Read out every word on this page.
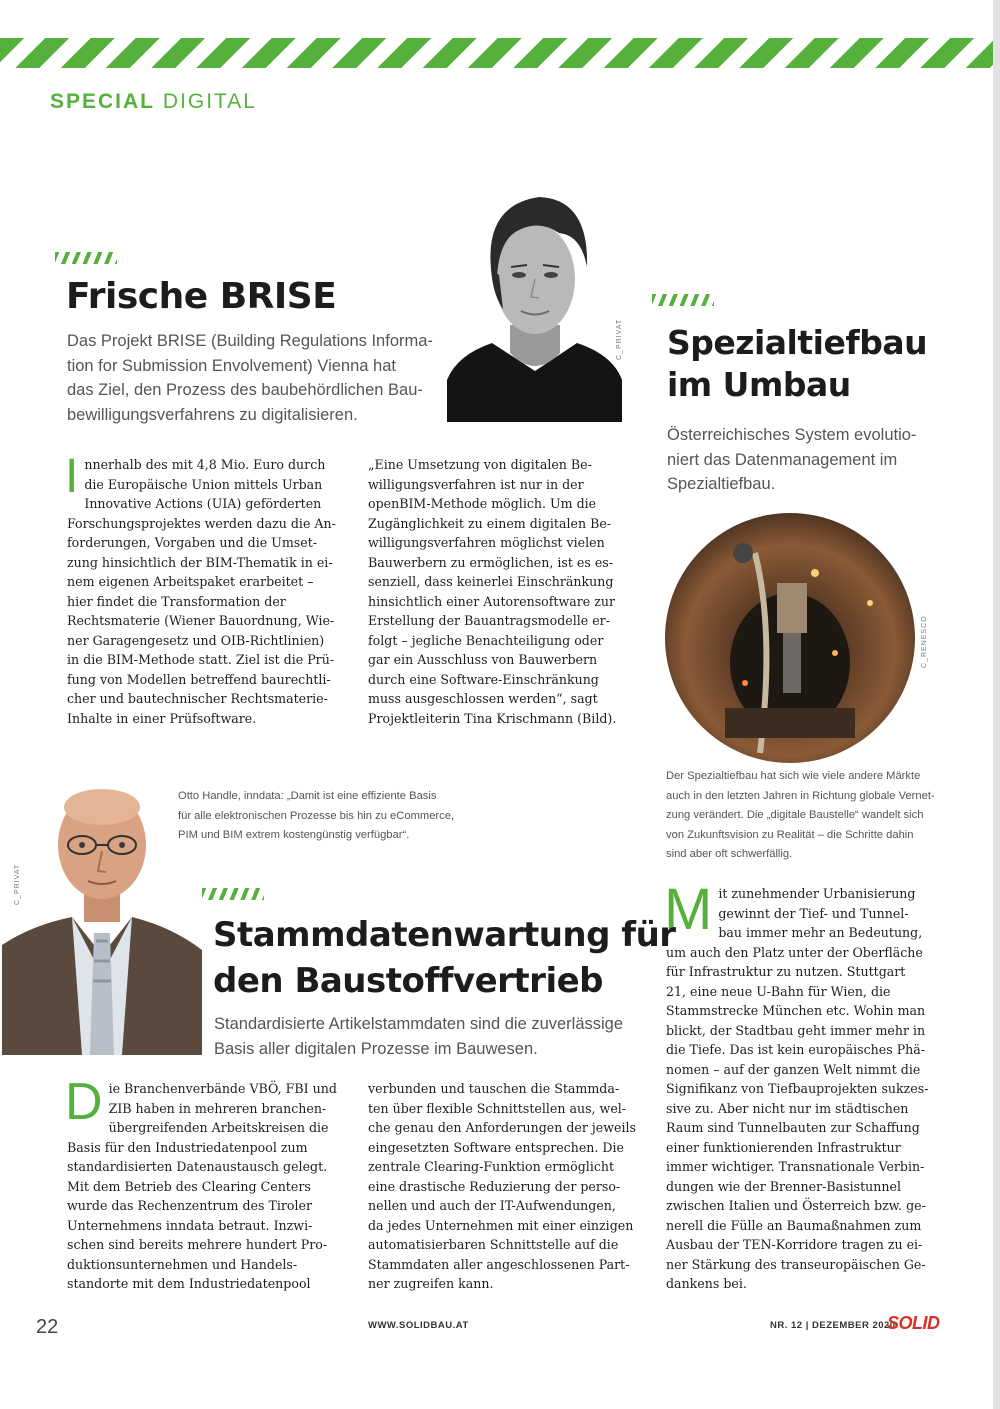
SPECIAL DIGITAL
Frische BRISE
Das Projekt BRISE (Building Regulations Informa-
tion for Submission Envolvement) Vienna hat
das Ziel, den Prozess des baubehördlichen Bau-
bewilligungsverfahrens zu digitalisieren.
C_PRIVAT
I nnerhalb des mit 4,8 Mio. Euro durch
die Europäische Union mittels Urban
Innovative Actions (UIA) geförderten
Forschungsprojektes werden dazu die An-
forderungen, Vorgaben und die Umset-
zung hinsichtlich der BIM-Thematik in ei-
nem eigenen Arbeitspaket erarbeitet –
hier findet die Transformation der
Rechtsmaterie (Wiener Bauordnung, Wie-
ner Garagengesetz und OIB-Richtlinien)
in die BIM-Methode statt. Ziel ist die Prü-
fung von Modellen betreffend baurechtli-
cher und bautechnischer Rechtsmaterie-
Inhalte in einer Prüfsoftware.
„Eine Umsetzung von digitalen Be-
willigungsverfahren ist nur in der
openBIM-Methode möglich. Um die
Zugänglichkeit zu einem digitalen Be-
willigungsverfahren möglichst vielen
Bauwerbern zu ermöglichen, ist es es-
senziell, dass keinerlei Einschränkung
hinsichtlich einer Autorensoftware zur
Erstellung der Bauantragsmodelle er-
folgt – jegliche Benachteiligung oder
gar ein Ausschluss von Bauwerbern
durch eine Software-Einschränkung
muss ausgeschlossen werden“, sagt
Projektleiterin Tina Krischmann (Bild).
Spezialtiefbau
im Umbau
Österreichisches System evolutio-
niert das Datenmanagement im
Spezialtiefbau.
C_RENESCO
Der Spezialtiefbau hat sich wie viele andere Märkte
auch in den letzten Jahren in Richtung globale Vernet-
zung verändert. Die „digitale Baustelle“ wandelt sich
von Zukunftsvision zu Realität – die Schritte dahin
sind aber oft schwerfällig.
M it zunehmender Urbanisierung
gewinnt der Tief- und Tunnel-
bau immer mehr an Bedeutung,
um auch den Platz unter der Oberfläche
für Infrastruktur zu nutzen. Stuttgart
21, eine neue U-Bahn für Wien, die
Stammstrecke München etc. Wohin man
blickt, der Stadtbau geht immer mehr in
die Tiefe. Das ist kein europäisches Phä-
nomen – auf der ganzen Welt nimmt die
Signifikanz von Tiefbauprojekten sukzes-
sive zu. Aber nicht nur im städtischen
Raum sind Tunnelbauten zur Schaffung
einer funktionierenden Infrastruktur
immer wichtiger. Transnationale Verbin-
dungen wie der Brenner-Basistunnel
zwischen Italien und Österreich bzw. ge-
nerell die Fülle an Baumaßnahmen zum
Ausbau der TEN-Korridore tragen zu ei-
ner Stärkung des transeuropäischen Ge-
dankens bei.
C_PRIVAT
Otto Handle, inndata: „Damit ist eine effiziente Basis
für alle elektronischen Prozesse bis hin zu eCommerce,
PIM und BIM extrem kostengünstig verfügbar“.
Stammdatenwartung für
den Baustoffvertrieb
Standardisierte Artikelstammdaten sind die zuverlässige
Basis aller digitalen Prozesse im Bauwesen.
D ie Branchenverbände VBÖ, FBI und
ZIB haben in mehreren branchen-
übergreifenden Arbeitskreisen die
Basis für den Industriedatenpool zum
standardisierten Datenaustausch gelegt.
Mit dem Betrieb des Clearing Centers
wurde das Rechenzentrum des Tiroler
Unternehmens inndata betraut. Inzwi-
schen sind bereits mehrere hundert Pro-
duktionsunternehmen und Handels-
standorte mit dem Industriedatenpool
verbunden und tauschen die Stammda-
ten über flexible Schnittstellen aus, wel-
che genau den Anforderungen der jeweils
eingesetzten Software entsprechen. Die
zentrale Clearing-Funktion ermöglicht
eine drastische Reduzierung der perso-
nellen und auch der IT-Aufwendungen,
da jedes Unternehmen mit einer einzigen
automatisierbaren Schnittstelle auf die
Stammdaten aller angeschlossenen Part-
ner zugreifen kann.
22	WWW.SOLIDBAU.AT	NR. 12 | DEZEMBER 2020
SOLID
